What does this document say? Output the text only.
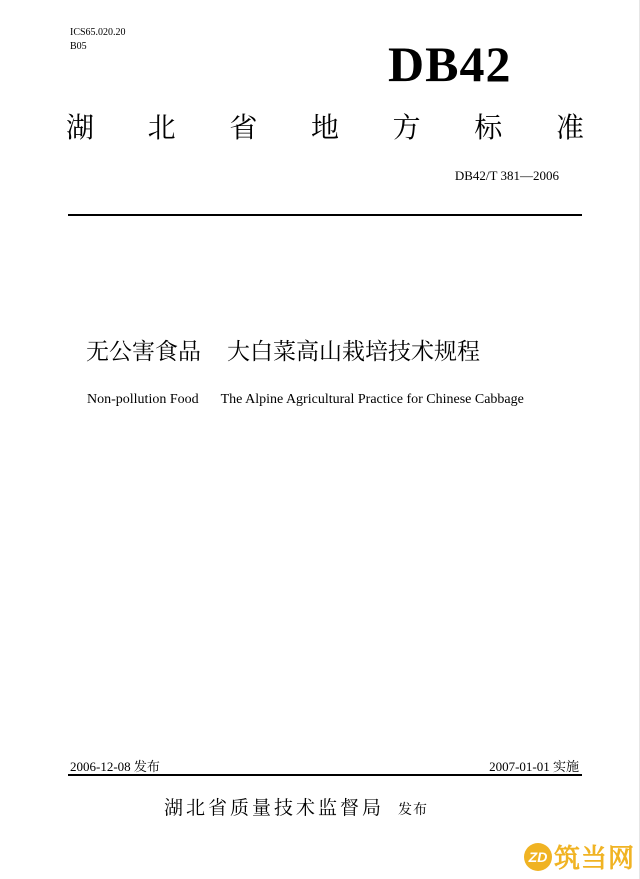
ICS65.020.20
B05	DB42
湖 北 省 地 方 标 准
DB42/T 381—2006
无公害食品 大白菜高山栽培技术规程
Non-pollution Food The Alpine Agricultural Practice for Chinese Cabbage
2006-12-08 发布	2007-01-01 实施
湖北省质量技术监督局 发布
ZD 筑当网
